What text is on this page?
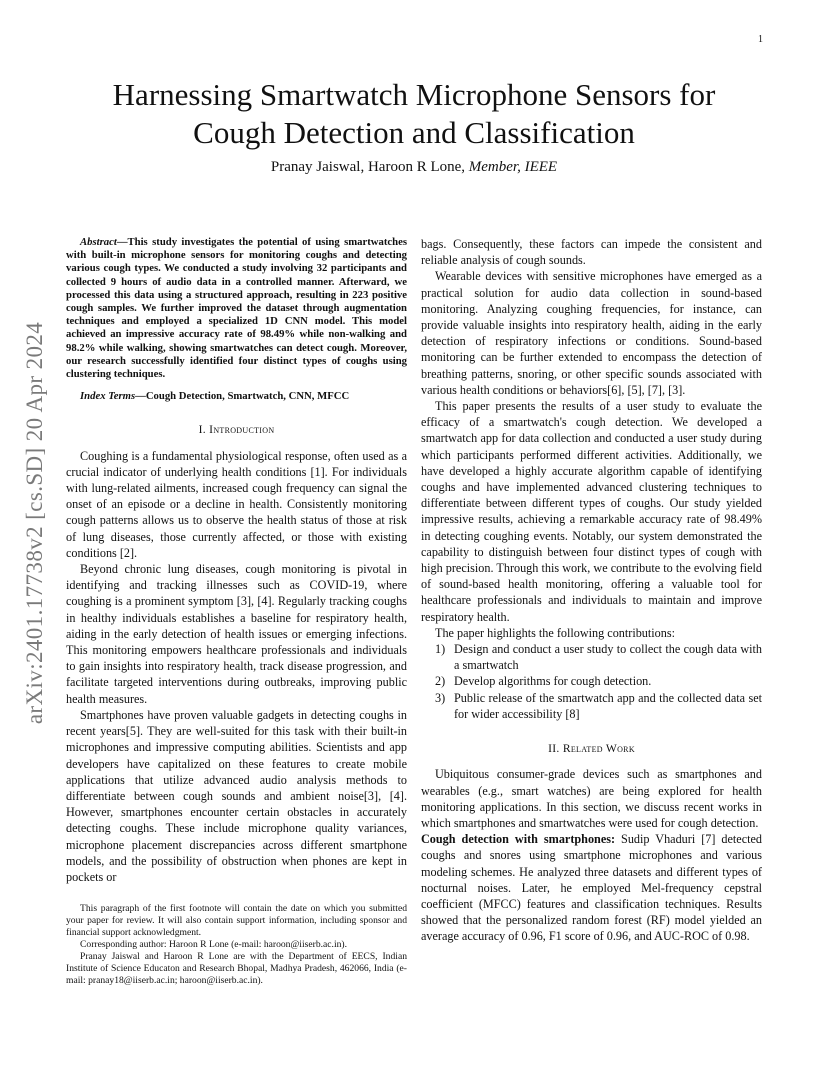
1
arXiv:2401.17738v2 [cs.SD] 20 Apr 2024
Harnessing Smartwatch Microphone Sensors for
Cough Detection and Classification
Pranay Jaiswal, Haroon R Lone, Member, IEEE

Abstract—This study investigates the potential of using smartwatches with built-in microphone sensors for monitoring coughs and detecting various cough types. We conducted a study involving 32 participants and collected 9 hours of audio data in a controlled manner. Afterward, we processed this data using a structured approach, resulting in 223 positive cough samples. We further improved the dataset through augmentation techniques and employed a specialized 1D CNN model. This model achieved an impressive accuracy rate of 98.49% while non-walking and 98.2% while walking, showing smartwatches can detect cough. Moreover, our research successfully identified four distinct types of coughs using clustering techniques.

Index Terms—Cough Detection, Smartwatch, CNN, MFCC

I. Introduction

Coughing is a fundamental physiological response, often used as a crucial indicator of underlying health conditions [1]. For individuals with lung-related ailments, increased cough frequency can signal the onset of an episode or a decline in health. Consistently monitoring cough patterns allows us to observe the health status of those at risk of lung diseases, those currently affected, or those with existing conditions [2].

Beyond chronic lung diseases, cough monitoring is pivotal in identifying and tracking illnesses such as COVID-19, where coughing is a prominent symptom [3], [4]. Regularly tracking coughs in healthy individuals establishes a baseline for respiratory health, aiding in the early detection of health issues or emerging infections. This monitoring empowers healthcare professionals and individuals to gain insights into respiratory health, track disease progression, and facilitate targeted interventions during outbreaks, improving public health measures.

Smartphones have proven valuable gadgets in detecting coughs in recent years[5]. They are well-suited for this task with their built-in microphones and impressive computing abilities. Scientists and app developers have capitalized on these features to create mobile applications that utilize advanced audio analysis methods to differentiate between cough sounds and ambient noise[3], [4]. However, smartphones encounter certain obstacles in accurately detecting coughs. These include microphone quality variances, microphone placement discrepancies across different smartphone models, and the possibility of obstruction when phones are kept in pockets or

This paragraph of the first footnote will contain the date on which you submitted your paper for review. It will also contain support information, including sponsor and financial support acknowledgment.

Corresponding author: Haroon R Lone (e-mail: haroon@iiserb.ac.in).

Pranay Jaiswal and Haroon R Lone are with the Department of EECS, Indian Institute of Science Educaton and Research Bhopal, Madhya Pradesh, 462066, India (e-mail: pranay18@iiserb.ac.in; haroon@iiserb.ac.in).

bags. Consequently, these factors can impede the consistent and reliable analysis of cough sounds.

Wearable devices with sensitive microphones have emerged as a practical solution for audio data collection in sound-based monitoring. Analyzing coughing frequencies, for instance, can provide valuable insights into respiratory health, aiding in the early detection of respiratory infections or conditions. Sound-based monitoring can be further extended to encompass the detection of breathing patterns, snoring, or other specific sounds associated with various health conditions or behaviors[6], [5], [7], [3].

This paper presents the results of a user study to evaluate the efficacy of a smartwatch's cough detection. We developed a smartwatch app for data collection and conducted a user study during which participants performed different activities. Additionally, we have developed a highly accurate algorithm capable of identifying coughs and have implemented advanced clustering techniques to differentiate between different types of coughs. Our study yielded impressive results, achieving a remarkable accuracy rate of 98.49% in detecting coughing events. Notably, our system demonstrated the capability to distinguish between four distinct types of cough with high precision. Through this work, we contribute to the evolving field of sound-based health monitoring, offering a valuable tool for healthcare professionals and individuals to maintain and improve respiratory health.

The paper highlights the following contributions:

1) Design and conduct a user study to collect the cough data with a smartwatch
2) Develop algorithms for cough detection.
3) Public release of the smartwatch app and the collected data set for wider accessibility [8]
II. Related Work

Ubiquitous consumer-grade devices such as smartphones and wearables (e.g., smart watches) are being explored for health monitoring applications. In this section, we discuss recent works in which smartphones and smartwatches were used for cough detection.

Cough detection with smartphones: Sudip Vhaduri [7] detected coughs and snores using smartphone microphones and various modeling schemes. He analyzed three datasets and different types of nocturnal noises. Later, he employed Mel-frequency cepstral coefficient (MFCC) features and classification techniques. Results showed that the personalized random forest (RF) model yielded an average accuracy of 0.96, F1 score of 0.96, and AUC-ROC of 0.98.
